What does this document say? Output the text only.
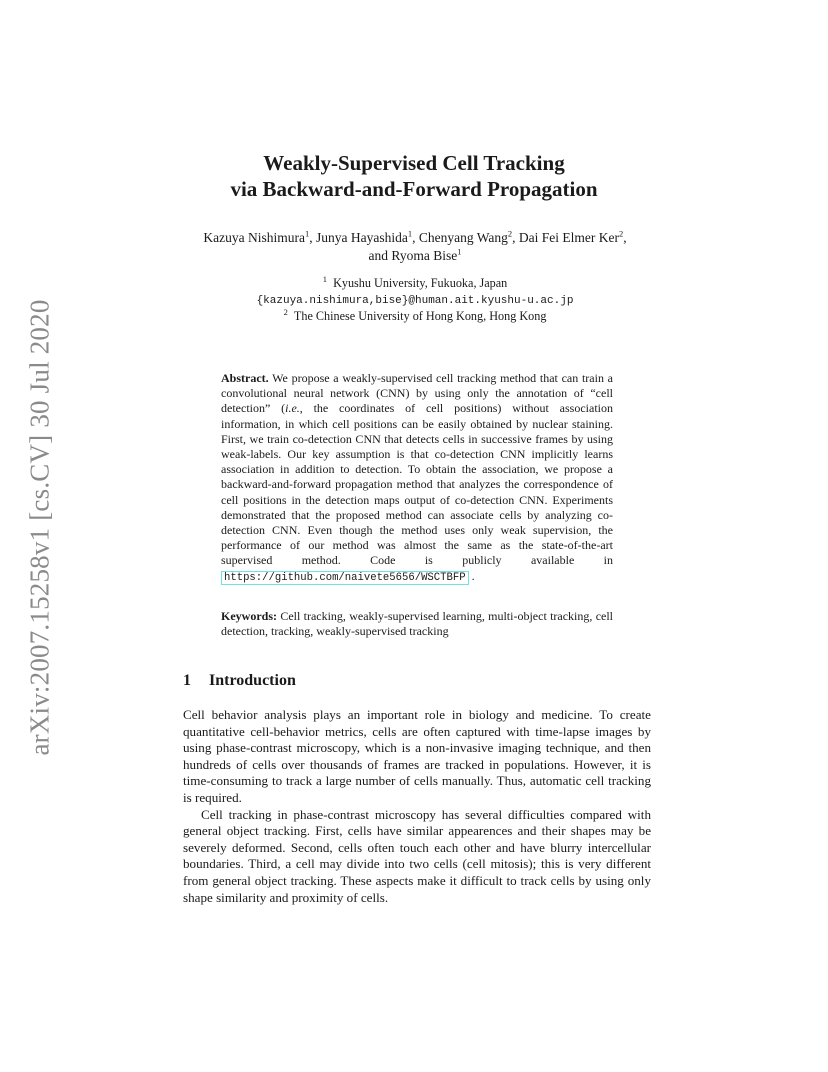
arXiv:2007.15258v1 [cs.CV] 30 Jul 2020
Weakly-Supervised Cell Tracking
via Backward-and-Forward Propagation
Kazuya Nishimura$^1$, Junya Hayashida$^1$, Chenyang Wang$^2$, Dai Fei Elmer Ker$^2$,
and Ryoma Bise$^1$
$^1$ Kyushu University, Fukuoka, Japan
{kazuya.nishimura,bise}@human.ait.kyushu-u.ac.jp
$^2$ The Chinese University of Hong Kong, Hong Kong
Abstract. We propose a weakly-supervised cell tracking method that can train a convolutional neural network (CNN) by using only the annotation of “cell detection” (i.e., the coordinates of cell positions) without association information, in which cell positions can be easily obtained by nuclear staining. First, we train co-detection CNN that detects cells in successive frames by using weak-labels. Our key assumption is that co-detection CNN implicitly learns association in addition to detection. To obtain the association, we propose a backward-and-forward propagation method that analyzes the correspondence of cell positions in the detection maps output of co-detection CNN. Experiments demonstrated that the proposed method can associate cells by analyzing co-detection CNN. Even though the method uses only weak supervision, the performance of our method was almost the same as the state-of-the-art supervised method. Code is publicly available in https://github.com/naivete5656/WSCTBFP .
Keywords: Cell tracking, weakly-supervised learning, multi-object tracking, cell detection, tracking, weakly-supervised tracking
1 Introduction

Cell behavior analysis plays an important role in biology and medicine. To create quantitative cell-behavior metrics, cells are often captured with time-lapse images by using phase-contrast microscopy, which is a non-invasive imaging technique, and then hundreds of cells over thousands of frames are tracked in populations. However, it is time-consuming to track a large number of cells manually. Thus, automatic cell tracking is required.

Cell tracking in phase-contrast microscopy has several difficulties compared with general object tracking. First, cells have similar appearences and their shapes may be severely deformed. Second, cells often touch each other and have blurry intercellular boundaries. Third, a cell may divide into two cells (cell mitosis); this is very different from general object tracking. These aspects make it difficult to track cells by using only shape similarity and proximity of cells.
